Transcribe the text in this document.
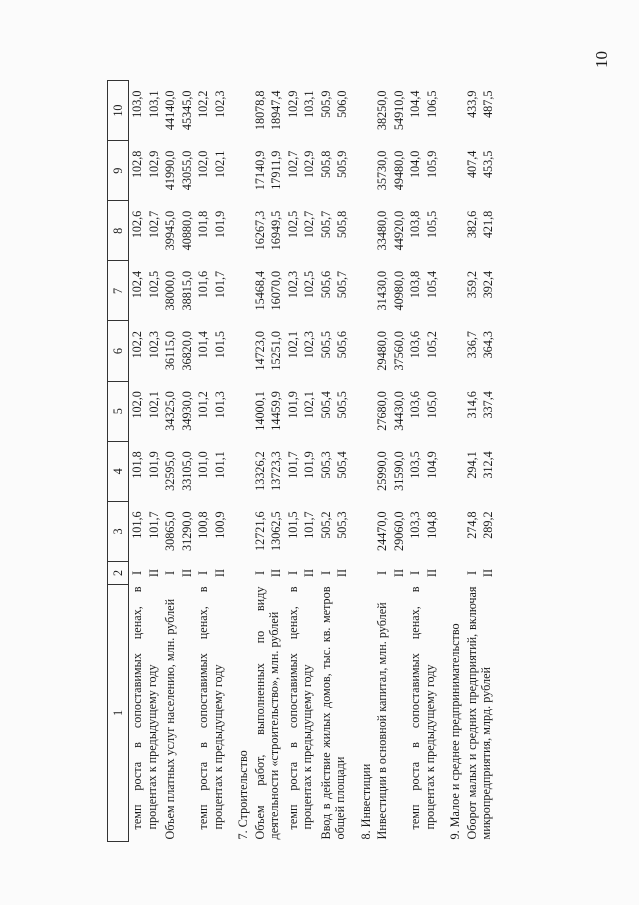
10
1	2	3	4	5	6	7	8	9	10
темп роста в сопоставимых ценах, в процентах к предыдущему году	I	101,6	101,8	102,0	102,2	102,4	102,6	102,8	103,0
	II	101,7	101,9	102,1	102,3	102,5	102,7	102,9	103,1
Объем платных услуг населению, млн. рублей	I	30865,0	32595,0	34325,0	36115,0	38000,0	39945,0	41990,0	44140,0
	II	31290,0	33105,0	34930,0	36820,0	38815,0	40880,0	43055,0	45345,0
темп роста в сопоставимых ценах, в процентах к предыдущему году	I	100,8	101,0	101,2	101,4	101,6	101,8	102,0	102,2
	II	100,9	101,1	101,3	101,5	101,7	101,9	102,1	102,3
7. Строительство									
Объем работ, выполненных по виду деятельности «строительство», млн. рублей	I	12721,6	13326,2	14000,1	14723,0	15468,4	16267,3	17140,9	18078,8
	II	13062,5	13723,3	14459,9	15251,0	16070,0	16949,5	17911,9	18947,4
темп роста в сопоставимых ценах, в процентах к предыдущему году	I	101,5	101,7	101,9	102,1	102,3	102,5	102,7	102,9
	II	101,7	101,9	102,1	102,3	102,5	102,7	102,9	103,1
Ввод в действие жилых домов, тыс. кв. метров общей площади	I	505,2	505,3	505,4	505,5	505,6	505,7	505,8	505,9
	II	505,3	505,4	505,5	505,6	505,7	505,8	505,9	506,0
8. Инвестиции									
Инвестиции в основной капитал, млн. рублей	I	24470,0	25990,0	27680,0	29480,0	31430,0	33480,0	35730,0	38250,0
	II	29060,0	31590,0	34430,0	37560,0	40980,0	44920,0	49480,0	54910,0
темп роста в сопоставимых ценах, в процентах к предыдущему году	I	103,3	103,5	103,6	103,6	103,8	103,8	104,0	104,4
	II	104,8	104,9	105,0	105,2	105,4	105,5	105,9	106,5
9. Малое и среднее предпринимательство									
Оборот малых и средних предприятий, включая микропредприятия, млрд. рублей	I	274,8	294,1	314,6	336,7	359,2	382,6	407,4	433,9
	II	289,2	312,4	337,4	364,3	392,4	421,8	453,5	487,5
